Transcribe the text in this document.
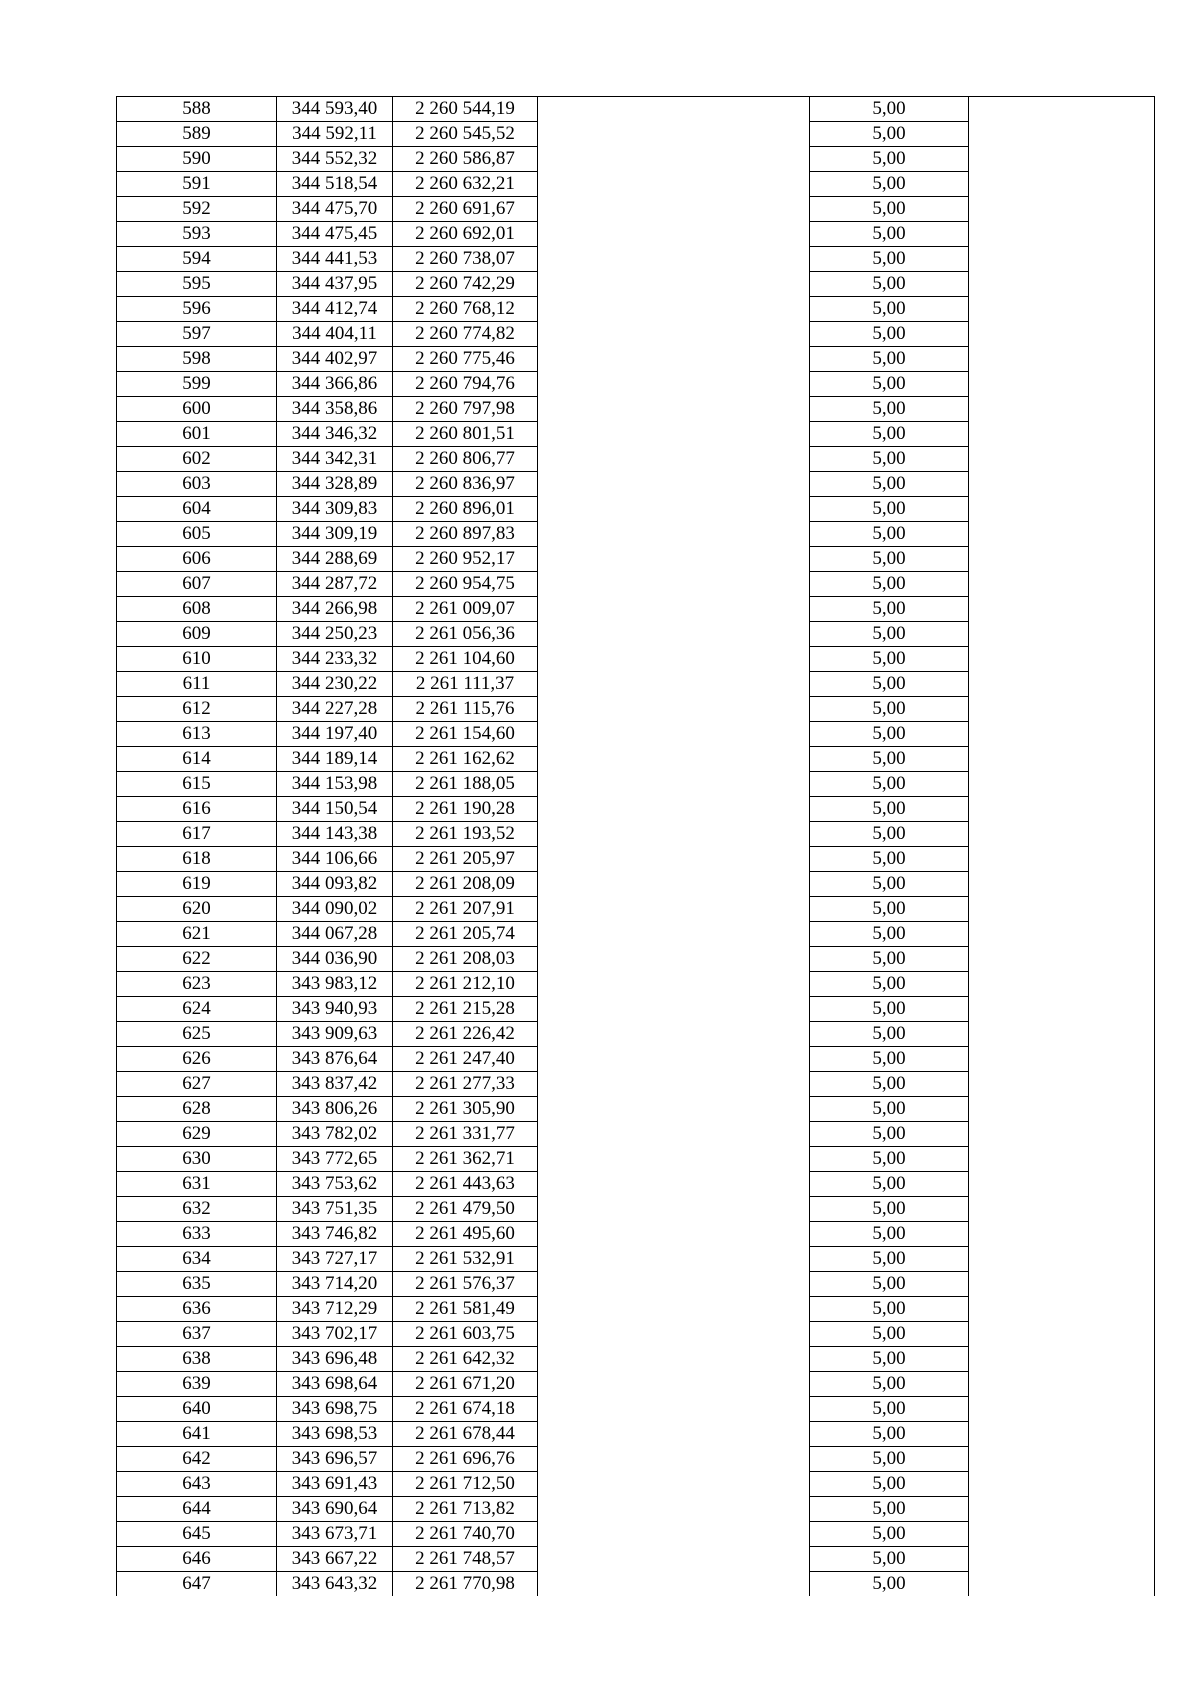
588	344 593,40	2 260 544,19		5,00	
589	344 592,11	2 260 545,52		5,00	
590	344 552,32	2 260 586,87		5,00	
591	344 518,54	2 260 632,21		5,00	
592	344 475,70	2 260 691,67		5,00	
593	344 475,45	2 260 692,01		5,00	
594	344 441,53	2 260 738,07		5,00	
595	344 437,95	2 260 742,29		5,00	
596	344 412,74	2 260 768,12		5,00	
597	344 404,11	2 260 774,82		5,00	
598	344 402,97	2 260 775,46		5,00	
599	344 366,86	2 260 794,76		5,00	
600	344 358,86	2 260 797,98		5,00	
601	344 346,32	2 260 801,51		5,00	
602	344 342,31	2 260 806,77		5,00	
603	344 328,89	2 260 836,97		5,00	
604	344 309,83	2 260 896,01		5,00	
605	344 309,19	2 260 897,83		5,00	
606	344 288,69	2 260 952,17		5,00	
607	344 287,72	2 260 954,75		5,00	
608	344 266,98	2 261 009,07		5,00	
609	344 250,23	2 261 056,36		5,00	
610	344 233,32	2 261 104,60		5,00	
611	344 230,22	2 261 111,37		5,00	
612	344 227,28	2 261 115,76		5,00	
613	344 197,40	2 261 154,60		5,00	
614	344 189,14	2 261 162,62		5,00	
615	344 153,98	2 261 188,05		5,00	
616	344 150,54	2 261 190,28		5,00	
617	344 143,38	2 261 193,52		5,00	
618	344 106,66	2 261 205,97		5,00	
619	344 093,82	2 261 208,09		5,00	
620	344 090,02	2 261 207,91		5,00	
621	344 067,28	2 261 205,74		5,00	
622	344 036,90	2 261 208,03		5,00	
623	343 983,12	2 261 212,10		5,00	
624	343 940,93	2 261 215,28		5,00	
625	343 909,63	2 261 226,42		5,00	
626	343 876,64	2 261 247,40		5,00	
627	343 837,42	2 261 277,33		5,00	
628	343 806,26	2 261 305,90		5,00	
629	343 782,02	2 261 331,77		5,00	
630	343 772,65	2 261 362,71		5,00	
631	343 753,62	2 261 443,63		5,00	
632	343 751,35	2 261 479,50		5,00	
633	343 746,82	2 261 495,60		5,00	
634	343 727,17	2 261 532,91		5,00	
635	343 714,20	2 261 576,37		5,00	
636	343 712,29	2 261 581,49		5,00	
637	343 702,17	2 261 603,75		5,00	
638	343 696,48	2 261 642,32		5,00	
639	343 698,64	2 261 671,20		5,00	
640	343 698,75	2 261 674,18		5,00	
641	343 698,53	2 261 678,44		5,00	
642	343 696,57	2 261 696,76		5,00	
643	343 691,43	2 261 712,50		5,00	
644	343 690,64	2 261 713,82		5,00	
645	343 673,71	2 261 740,70		5,00	
646	343 667,22	2 261 748,57		5,00	
647	343 643,32	2 261 770,98		5,00	
